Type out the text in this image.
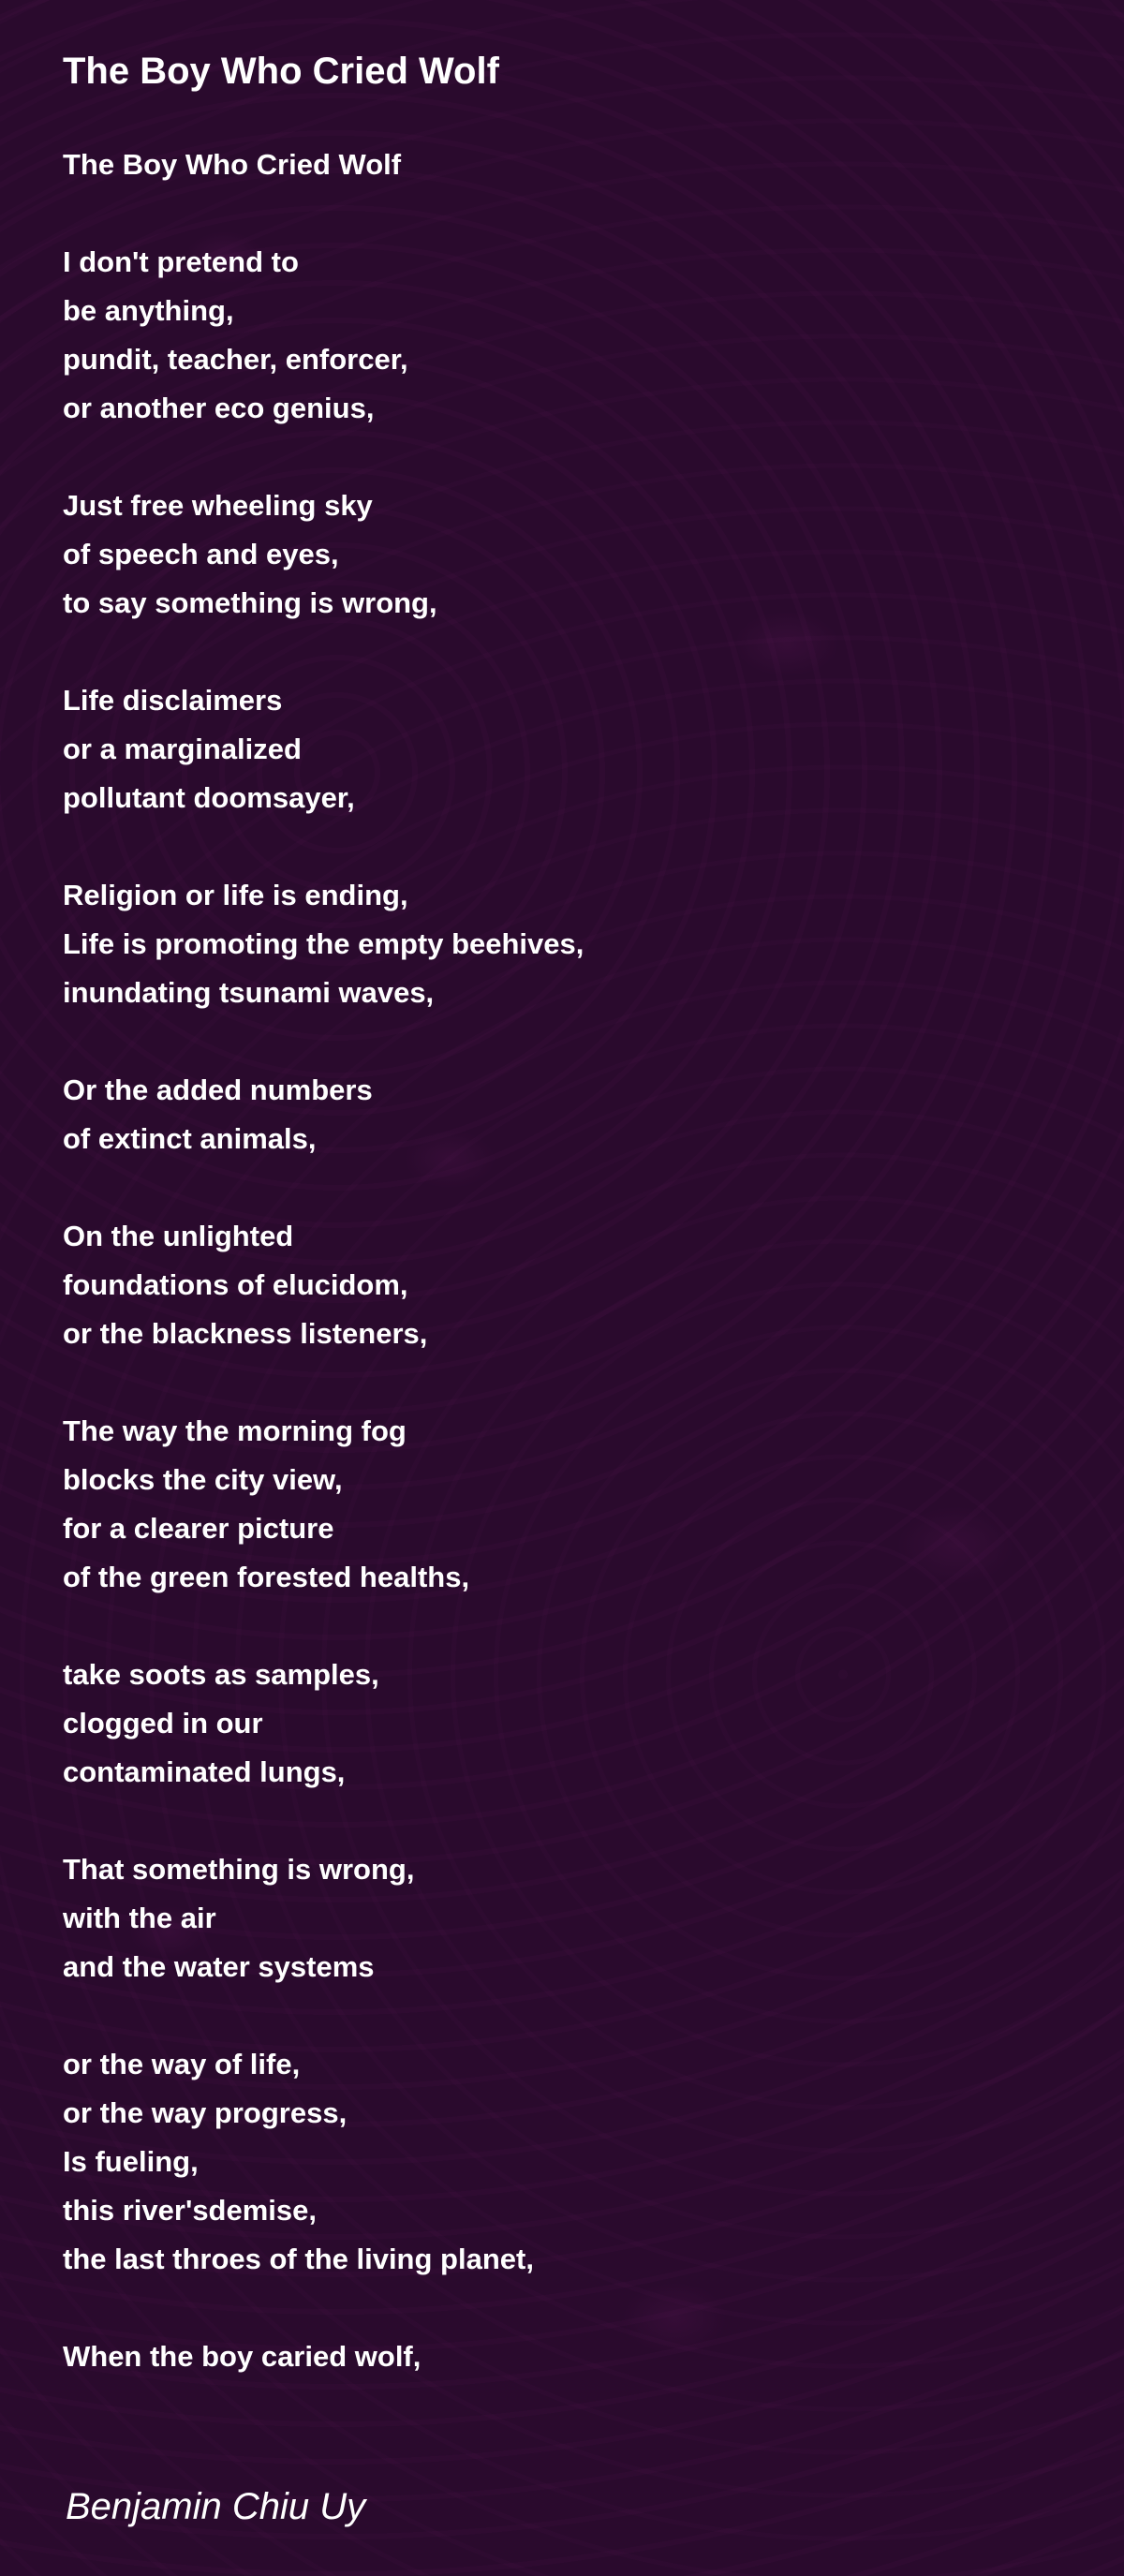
The Boy Who Cried Wolf

The Boy Who Cried Wolf

I don't pretend to
be anything,
pundit, teacher, enforcer,
or another eco genius,

Just free wheeling sky
of speech and eyes,
to say something is wrong,

Life disclaimers
or a marginalized
pollutant doomsayer,

Religion or life is ending,
Life is promoting the empty beehives,
inundating tsunami waves,

Or the added numbers
of extinct animals,

On the unlighted
foundations of elucidom,
or the blackness listeners,

The way the morning fog
blocks the city view,
for a clearer picture
of the green forested healths,

take soots as samples,
clogged in our
contaminated lungs,

That something is wrong,
with the air
and the water systems

or the way of life,
or the way progress,
Is fueling,
this river'sdemise,
the last throes of the living planet,

When the boy caried wolf,

Benjamin Chiu Uy
